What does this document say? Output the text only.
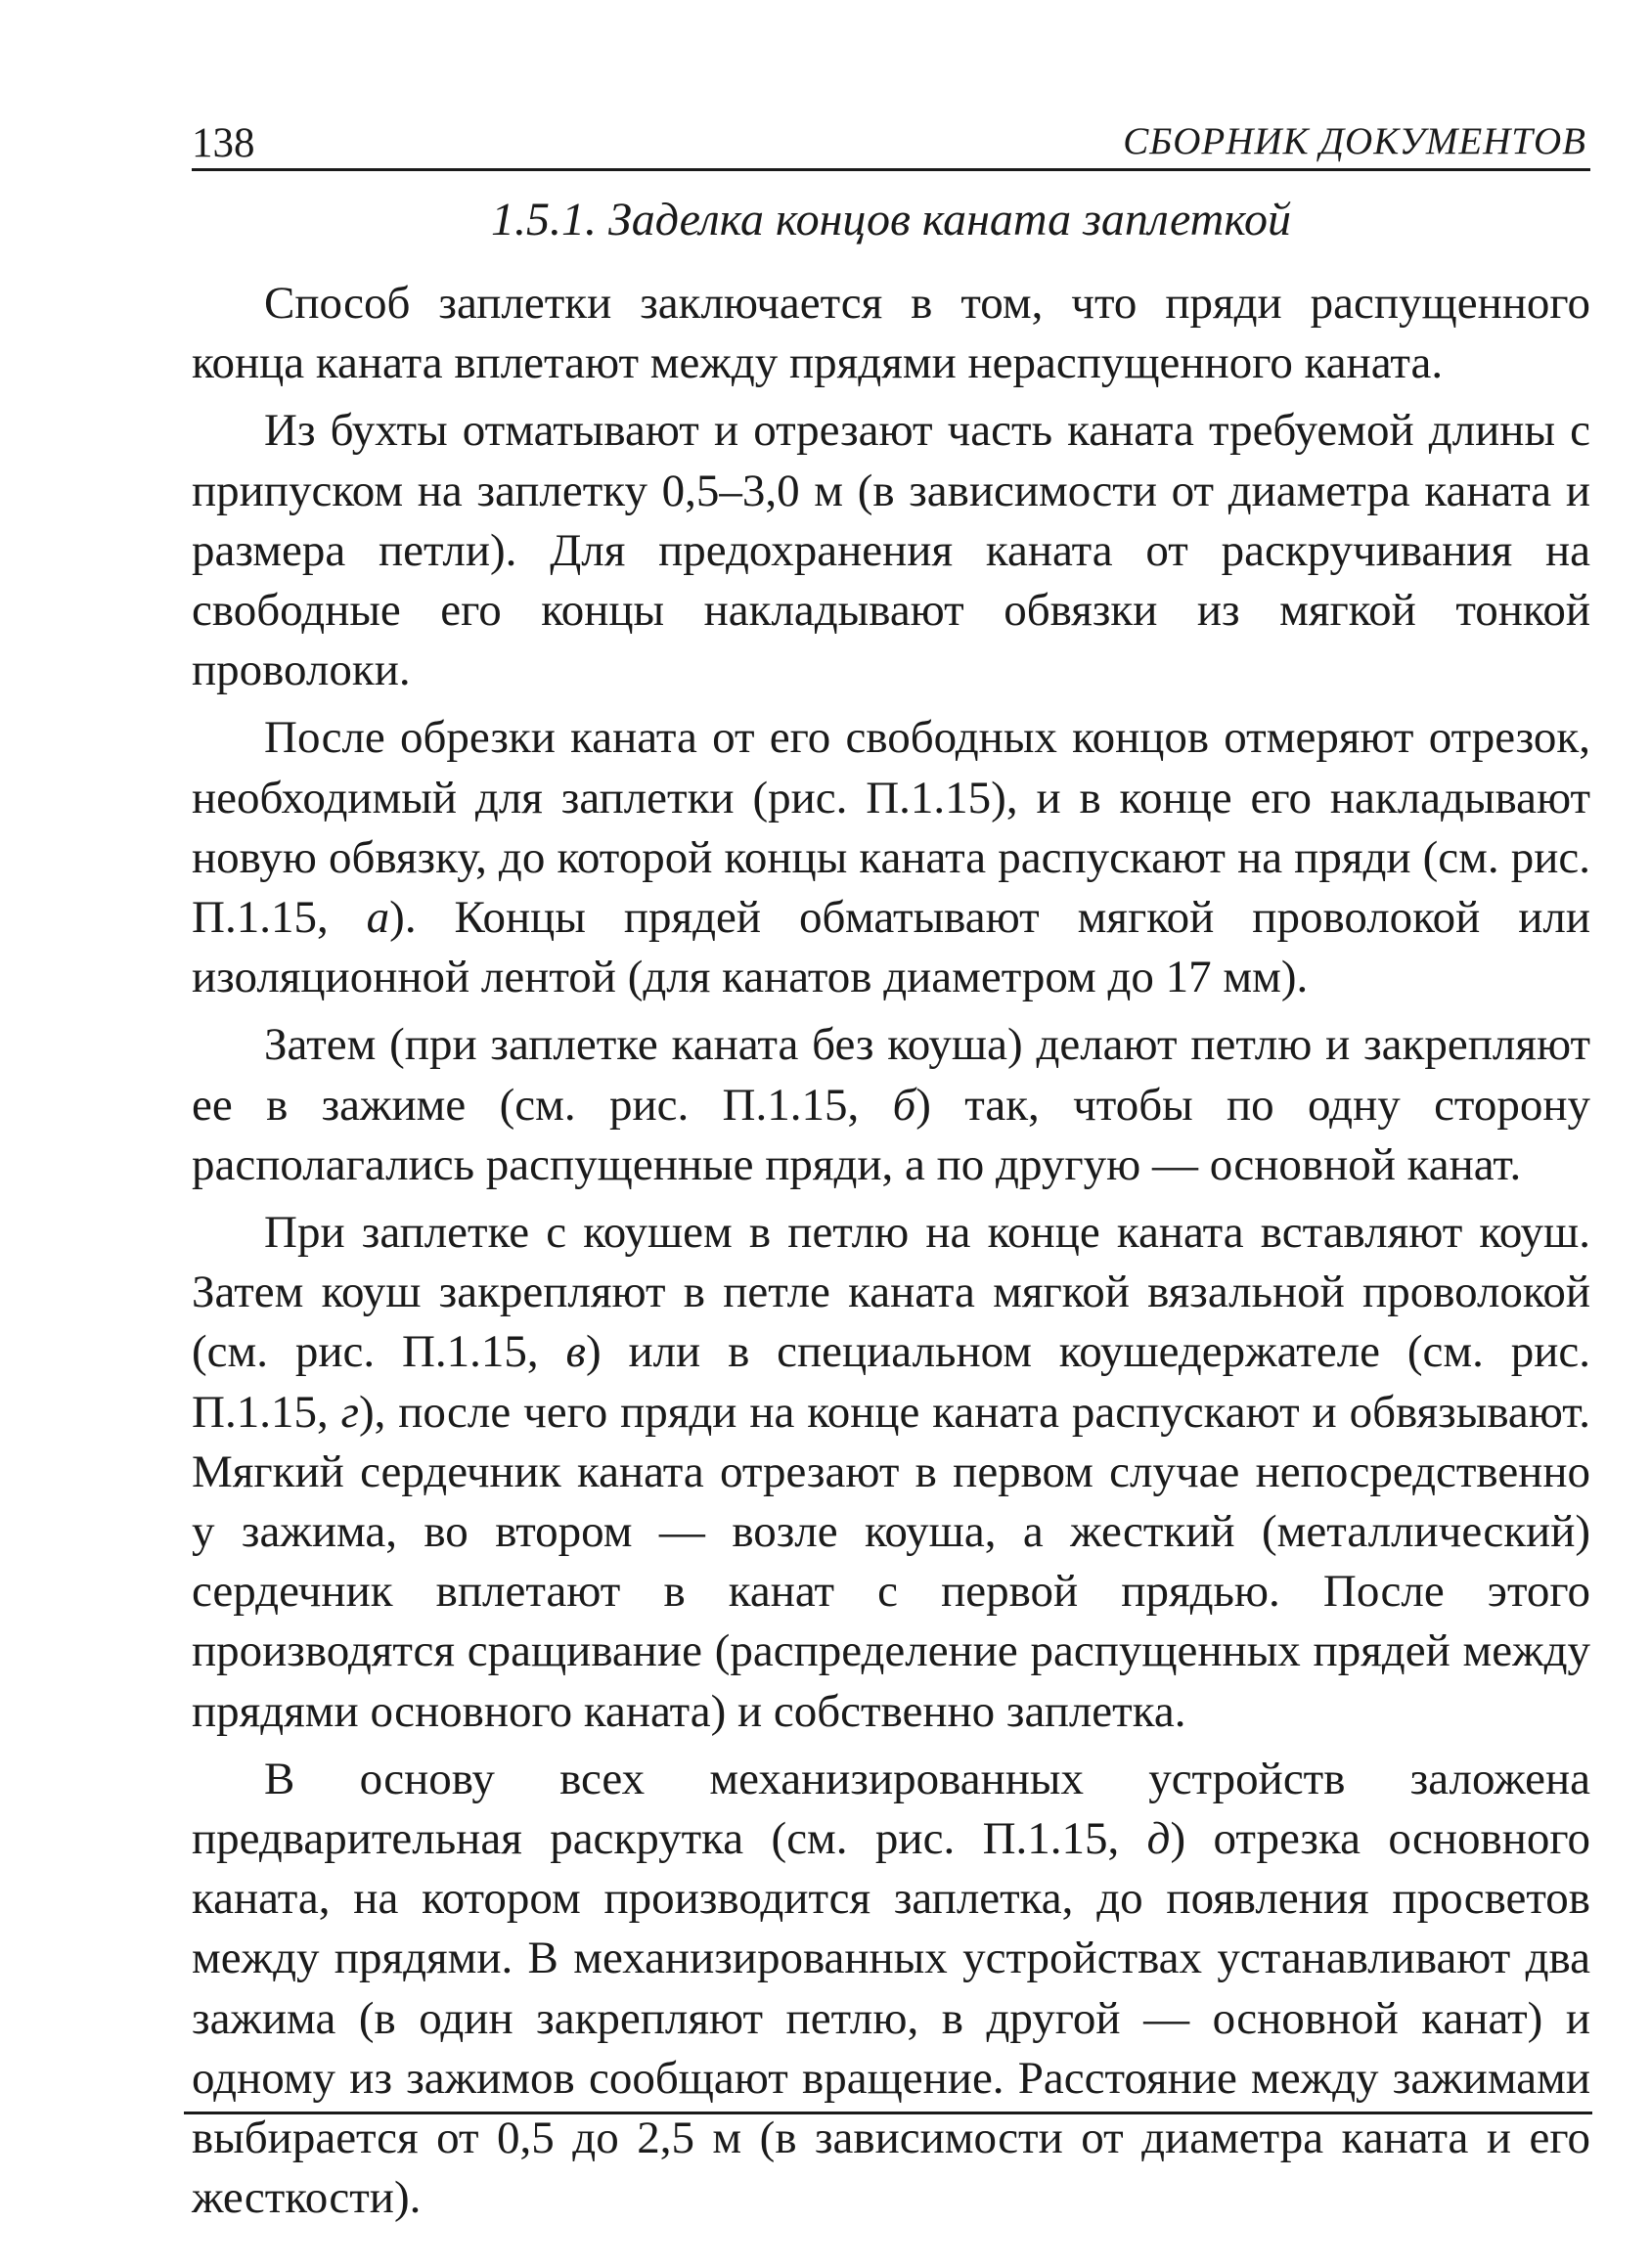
138	СБОРНИК ДОКУМЕНТОВ
1.5.1. Заделка концов каната заплеткой

Способ заплетки заключается в том, что пряди распущенного конца каната вплетают между прядями нераспущенного каната.

Из бухты отматывают и отрезают часть каната требуемой длины с припуском на заплетку 0,5–3,0 м (в зависимости от диаметра каната и размера петли). Для предохранения каната от раскручивания на свободные его концы накладывают обвязки из мягкой тонкой проволоки.

После обрезки каната от его свободных концов отмеряют отрезок, необходимый для заплетки (рис. П.1.15), и в конце его накладывают новую обвязку, до которой концы каната распускают на пряди (см. рис. П.1.15, а). Концы прядей обматывают мягкой проволокой или изоляционной лентой (для канатов диаметром до 17 мм).

Затем (при заплетке каната без коуша) делают петлю и закрепляют ее в зажиме (см. рис. П.1.15, б) так, чтобы по одну сторону располагались распущенные пряди, а по другую — основной канат.

При заплетке с коушем в петлю на конце каната вставляют коуш. Затем коуш закрепляют в петле каната мягкой вязальной проволокой (см. рис. П.1.15, в) или в специальном коушедержателе (см. рис. П.1.15, г), после чего пряди на конце каната распускают и обвязывают. Мягкий сердечник каната отрезают в первом случае непосредственно у зажима, во втором — возле коуша, а жесткий (металлический) сердечник вплетают в канат с первой прядью. После этого производятся сращивание (распределение распущенных прядей между прядями основного каната) и собственно заплетка.

В основу всех механизированных устройств заложена предварительная раскрутка (см. рис. П.1.15, д) отрезка основного каната, на котором производится заплетка, до появления просветов между прядями. В механизированных устройствах устанавливают два зажима (в один закрепляют петлю, в другой — основной канат) и одному из зажимов сообщают вращение. Расстояние между зажимами выбирается от 0,5 до 2,5 м (в зависимости от диаметра каната и его жесткости).
